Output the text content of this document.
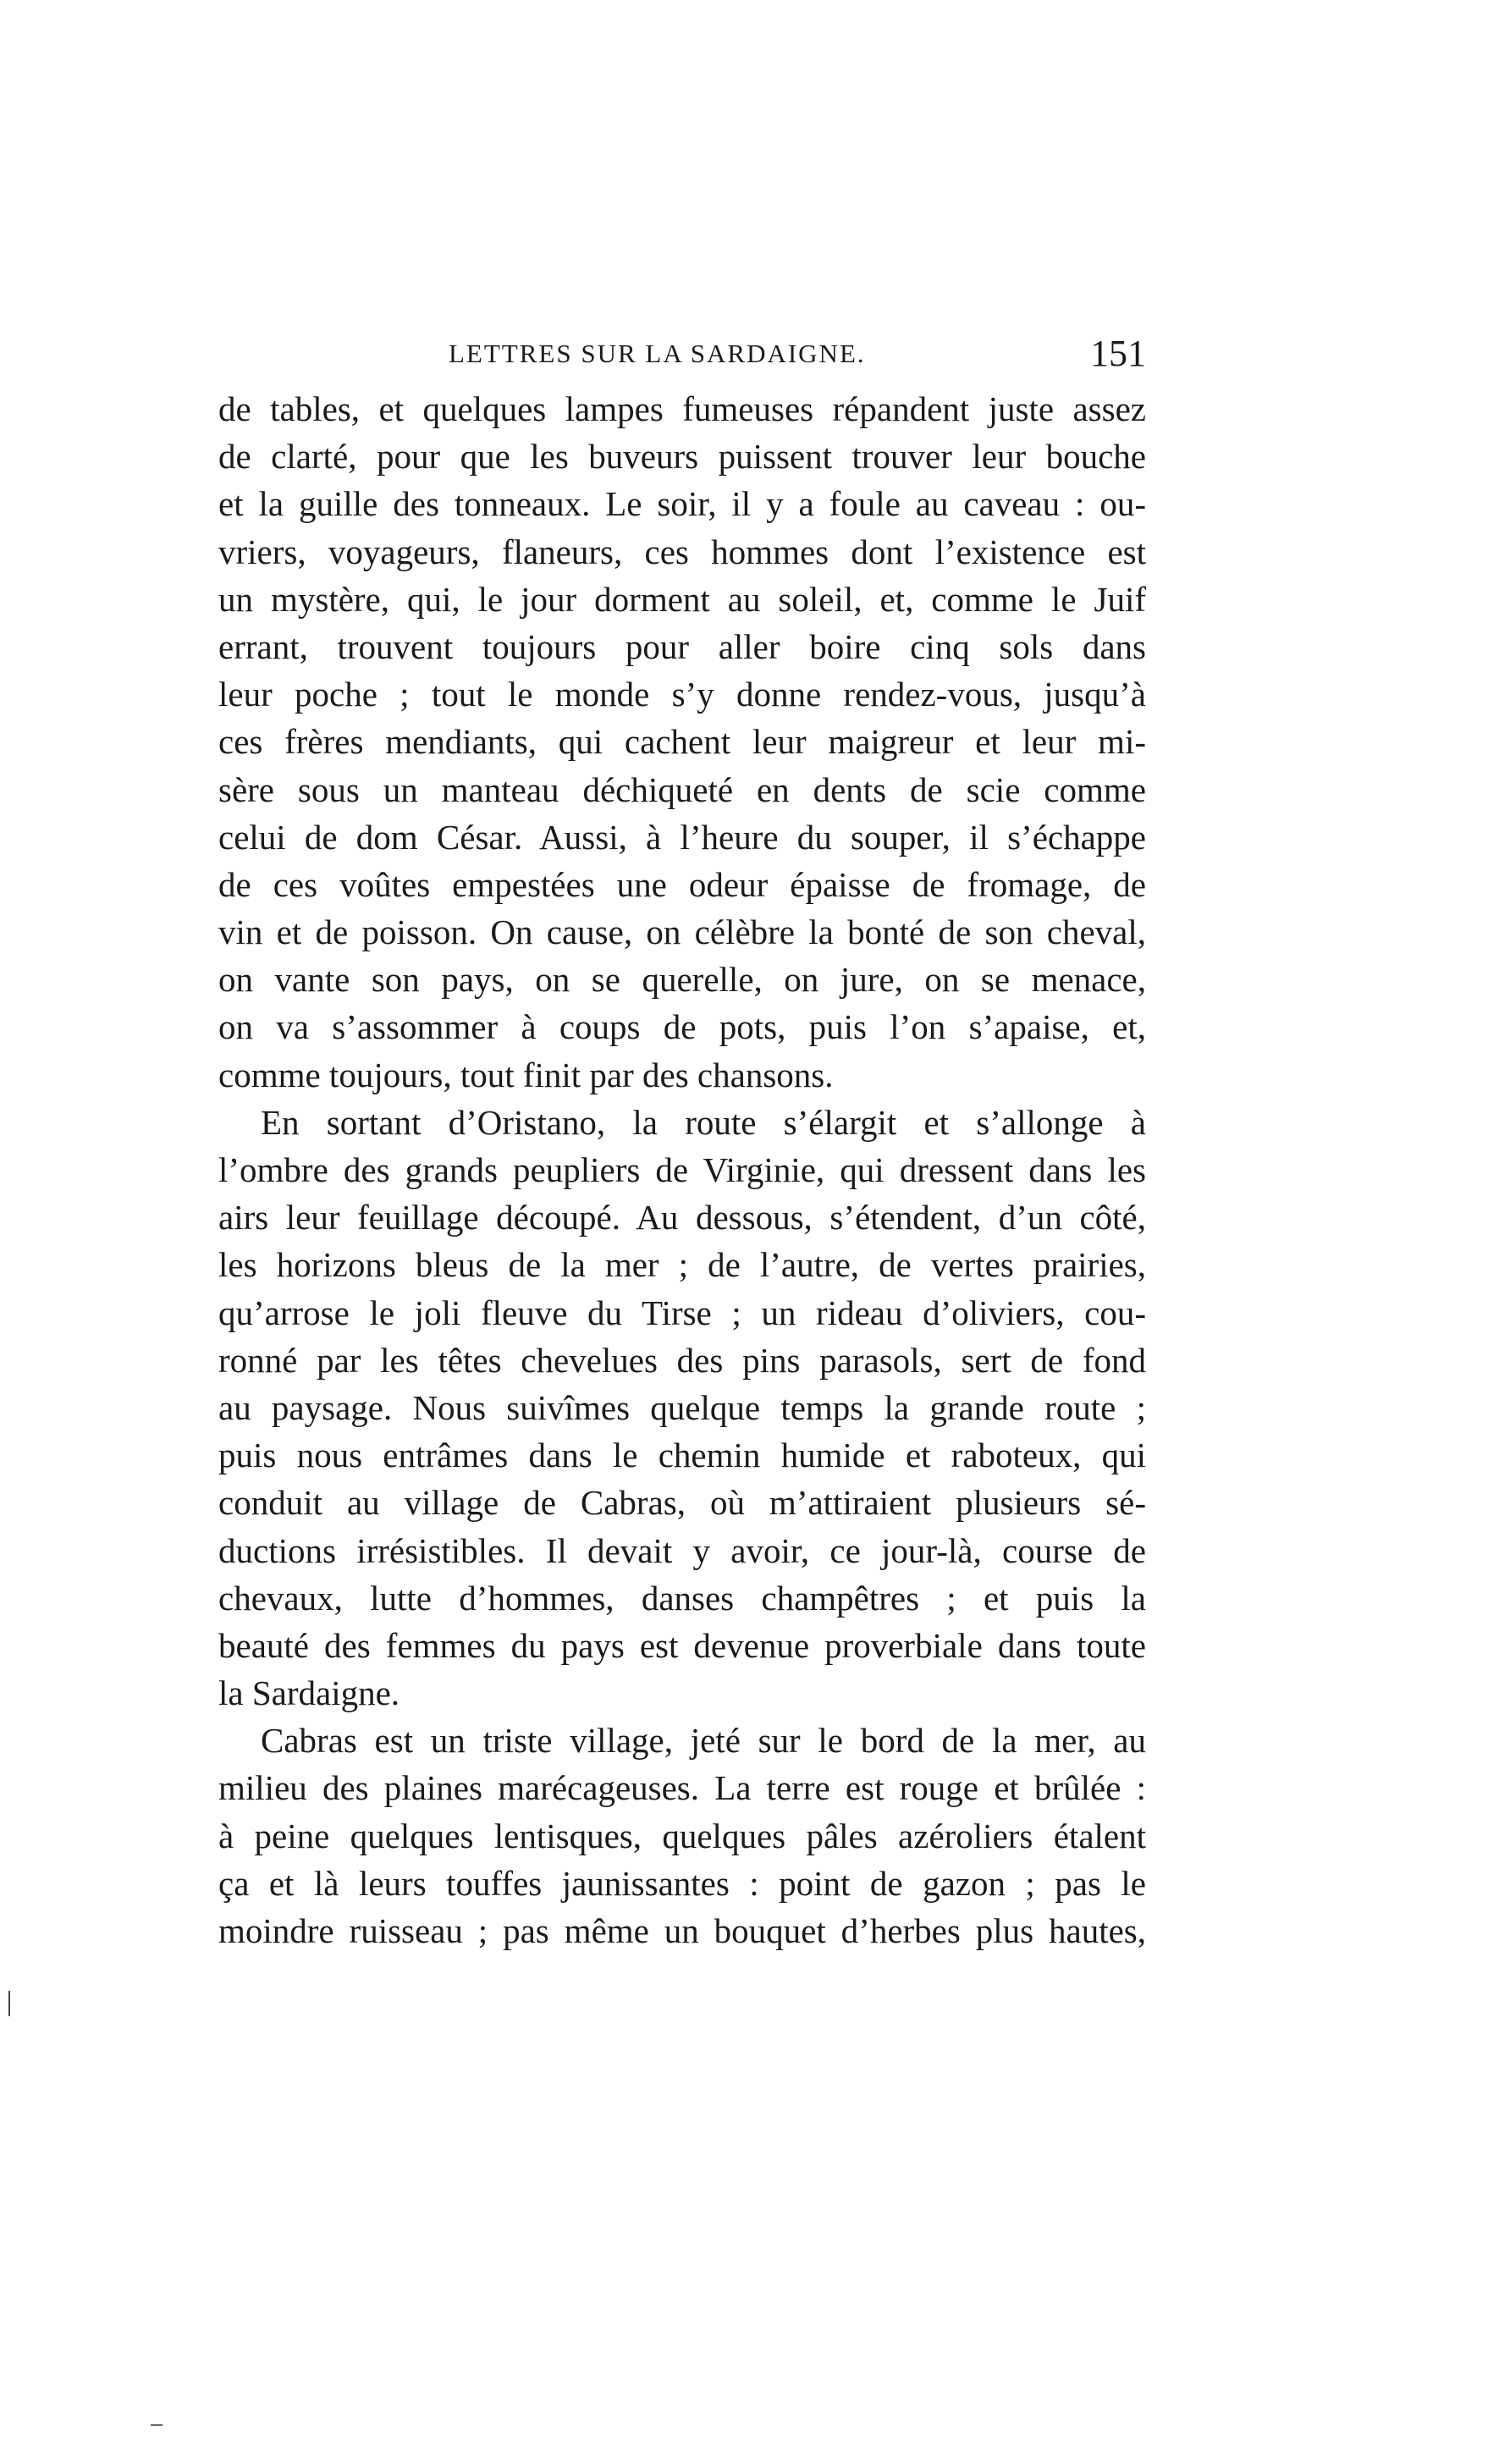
LETTRES SUR LA SARDAIGNE.	151
de tables, et quelques lampes fumeuses répandent juste assez
de clarté, pour que les buveurs puissent trouver leur bouche
et la guille des tonneaux. Le soir, il y a foule au caveau : ou-
vriers, voyageurs, flaneurs, ces hommes dont l’existence est
un mystère, qui, le jour dorment au soleil, et, comme le Juif
errant, trouvent toujours pour aller boire cinq sols dans
leur poche ; tout le monde s’y donne rendez-vous, jusqu’à
ces frères mendiants, qui cachent leur maigreur et leur mi-
sère sous un manteau déchiqueté en dents de scie comme
celui de dom César. Aussi, à l’heure du souper, il s’échappe
de ces voûtes empestées une odeur épaisse de fromage, de
vin et de poisson. On cause, on célèbre la bonté de son cheval,
on vante son pays, on se querelle, on jure, on se menace,
on va s’assommer à coups de pots, puis l’on s’apaise, et,
comme toujours, tout finit par des chansons.
En sortant d’Oristano, la route s’élargit et s’allonge à
l’ombre des grands peupliers de Virginie, qui dressent dans les
airs leur feuillage découpé. Au dessous, s’étendent, d’un côté,
les horizons bleus de la mer ; de l’autre, de vertes prairies,
qu’arrose le joli fleuve du Tirse ; un rideau d’oliviers, cou-
ronné par les têtes chevelues des pins parasols, sert de fond
au paysage. Nous suivîmes quelque temps la grande route ;
puis nous entrâmes dans le chemin humide et raboteux, qui
conduit au village de Cabras, où m’attiraient plusieurs sé-
ductions irrésistibles. Il devait y avoir, ce jour-là, course de
chevaux, lutte d’hommes, danses champêtres ; et puis la
beauté des femmes du pays est devenue proverbiale dans toute
la Sardaigne.
Cabras est un triste village, jeté sur le bord de la mer, au
milieu des plaines marécageuses. La terre est rouge et brûlée :
à peine quelques lentisques, quelques pâles azéroliers étalent
ça et là leurs touffes jaunissantes : point de gazon ; pas le
moindre ruisseau ; pas même un bouquet d’herbes plus hautes,
